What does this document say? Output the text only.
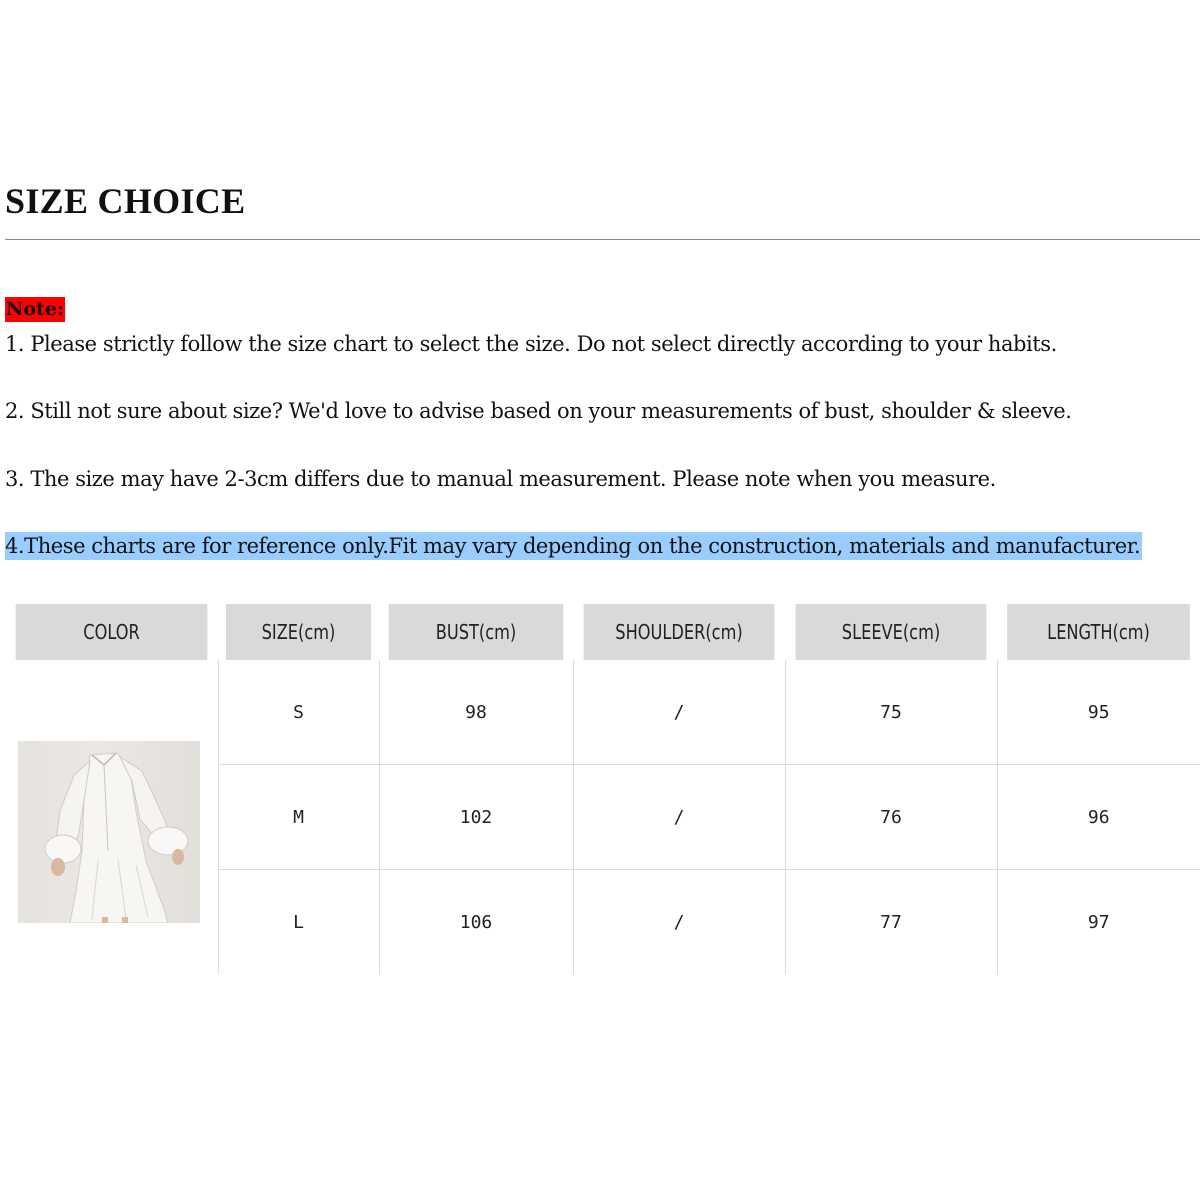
SIZE CHOICE
Note:

1. Please strictly follow the size chart to select the size. Do not select directly according to your habits.

2. Still not sure about size? We'd love to advise based on your measurements of bust, shoulder & sleeve.

3. The size may have 2-3cm differs due to manual measurement. Please note when you measure.

4.These charts are for reference only.Fit may vary depending on the construction, materials and manufacturer.

COLOR	SIZE(cm)	BUST(cm)	SHOULDER(cm)	SLEEVE(cm)	LENGTH(cm)

	S	98	/	75	95
	M	102	/	76	96
	L	106	/	77	97
